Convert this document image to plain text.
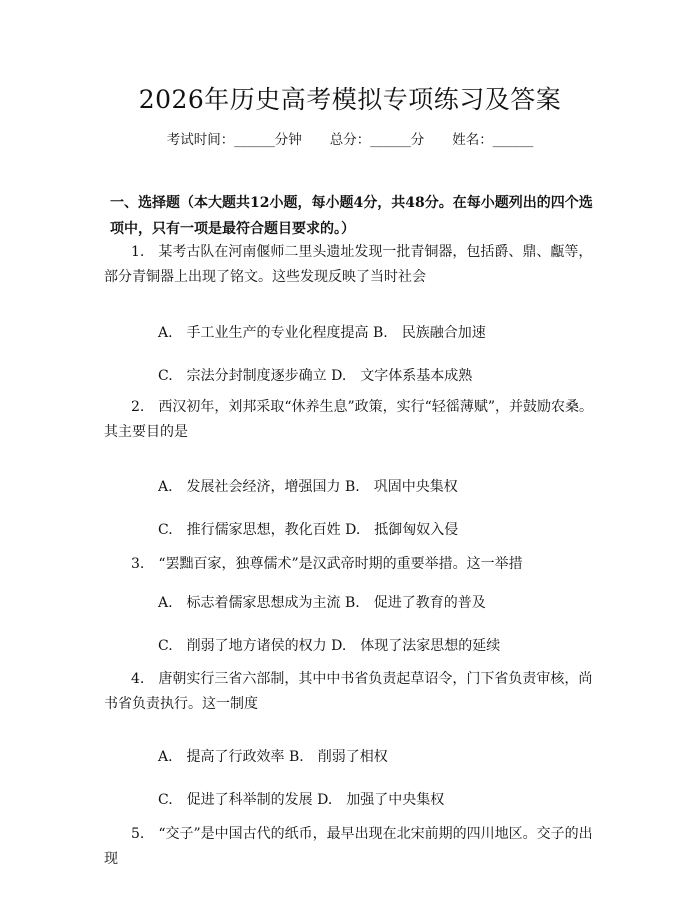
2026年历史高考模拟专项练习及答案
考试时间：______分钟 总分：______分 姓名：______
一、选择题（本大题共12小题，每小题4分，共48分。在每小题列出的四个选项中，只有一项是最符合题目要求的。）
1.　某考古队在河南偃师二里头遗址发现一批青铜器，包括爵、鼎、甗等，部分青铜器上出现了铭文。这些发现反映了当时社会
A.　手工业生产的专业化程度提高 B.　民族融合加速
C.　宗法分封制度逐步确立 D.　文字体系基本成熟
2.　西汉初年，刘邦采取“休养生息”政策，实行“轻徭薄赋”，并鼓励农桑。其主要目的是
A.　发展社会经济，增强国力 B.　巩固中央集权
C.　推行儒家思想，教化百姓 D.　抵御匈奴入侵
3.　“罢黜百家，独尊儒术”是汉武帝时期的重要举措。这一举措
A.　标志着儒家思想成为主流 B.　促进了教育的普及
C.　削弱了地方诸侯的权力 D.　体现了法家思想的延续
4.　唐朝实行三省六部制，其中中书省负责起草诏令，门下省负责审核，尚书省负责执行。这一制度
A.　提高了行政效率 B.　削弱了相权
C.　促进了科举制的发展 D.　加强了中央集权
5.　“交子”是中国古代的纸币，最早出现在北宋前期的四川地区。交子的出现
